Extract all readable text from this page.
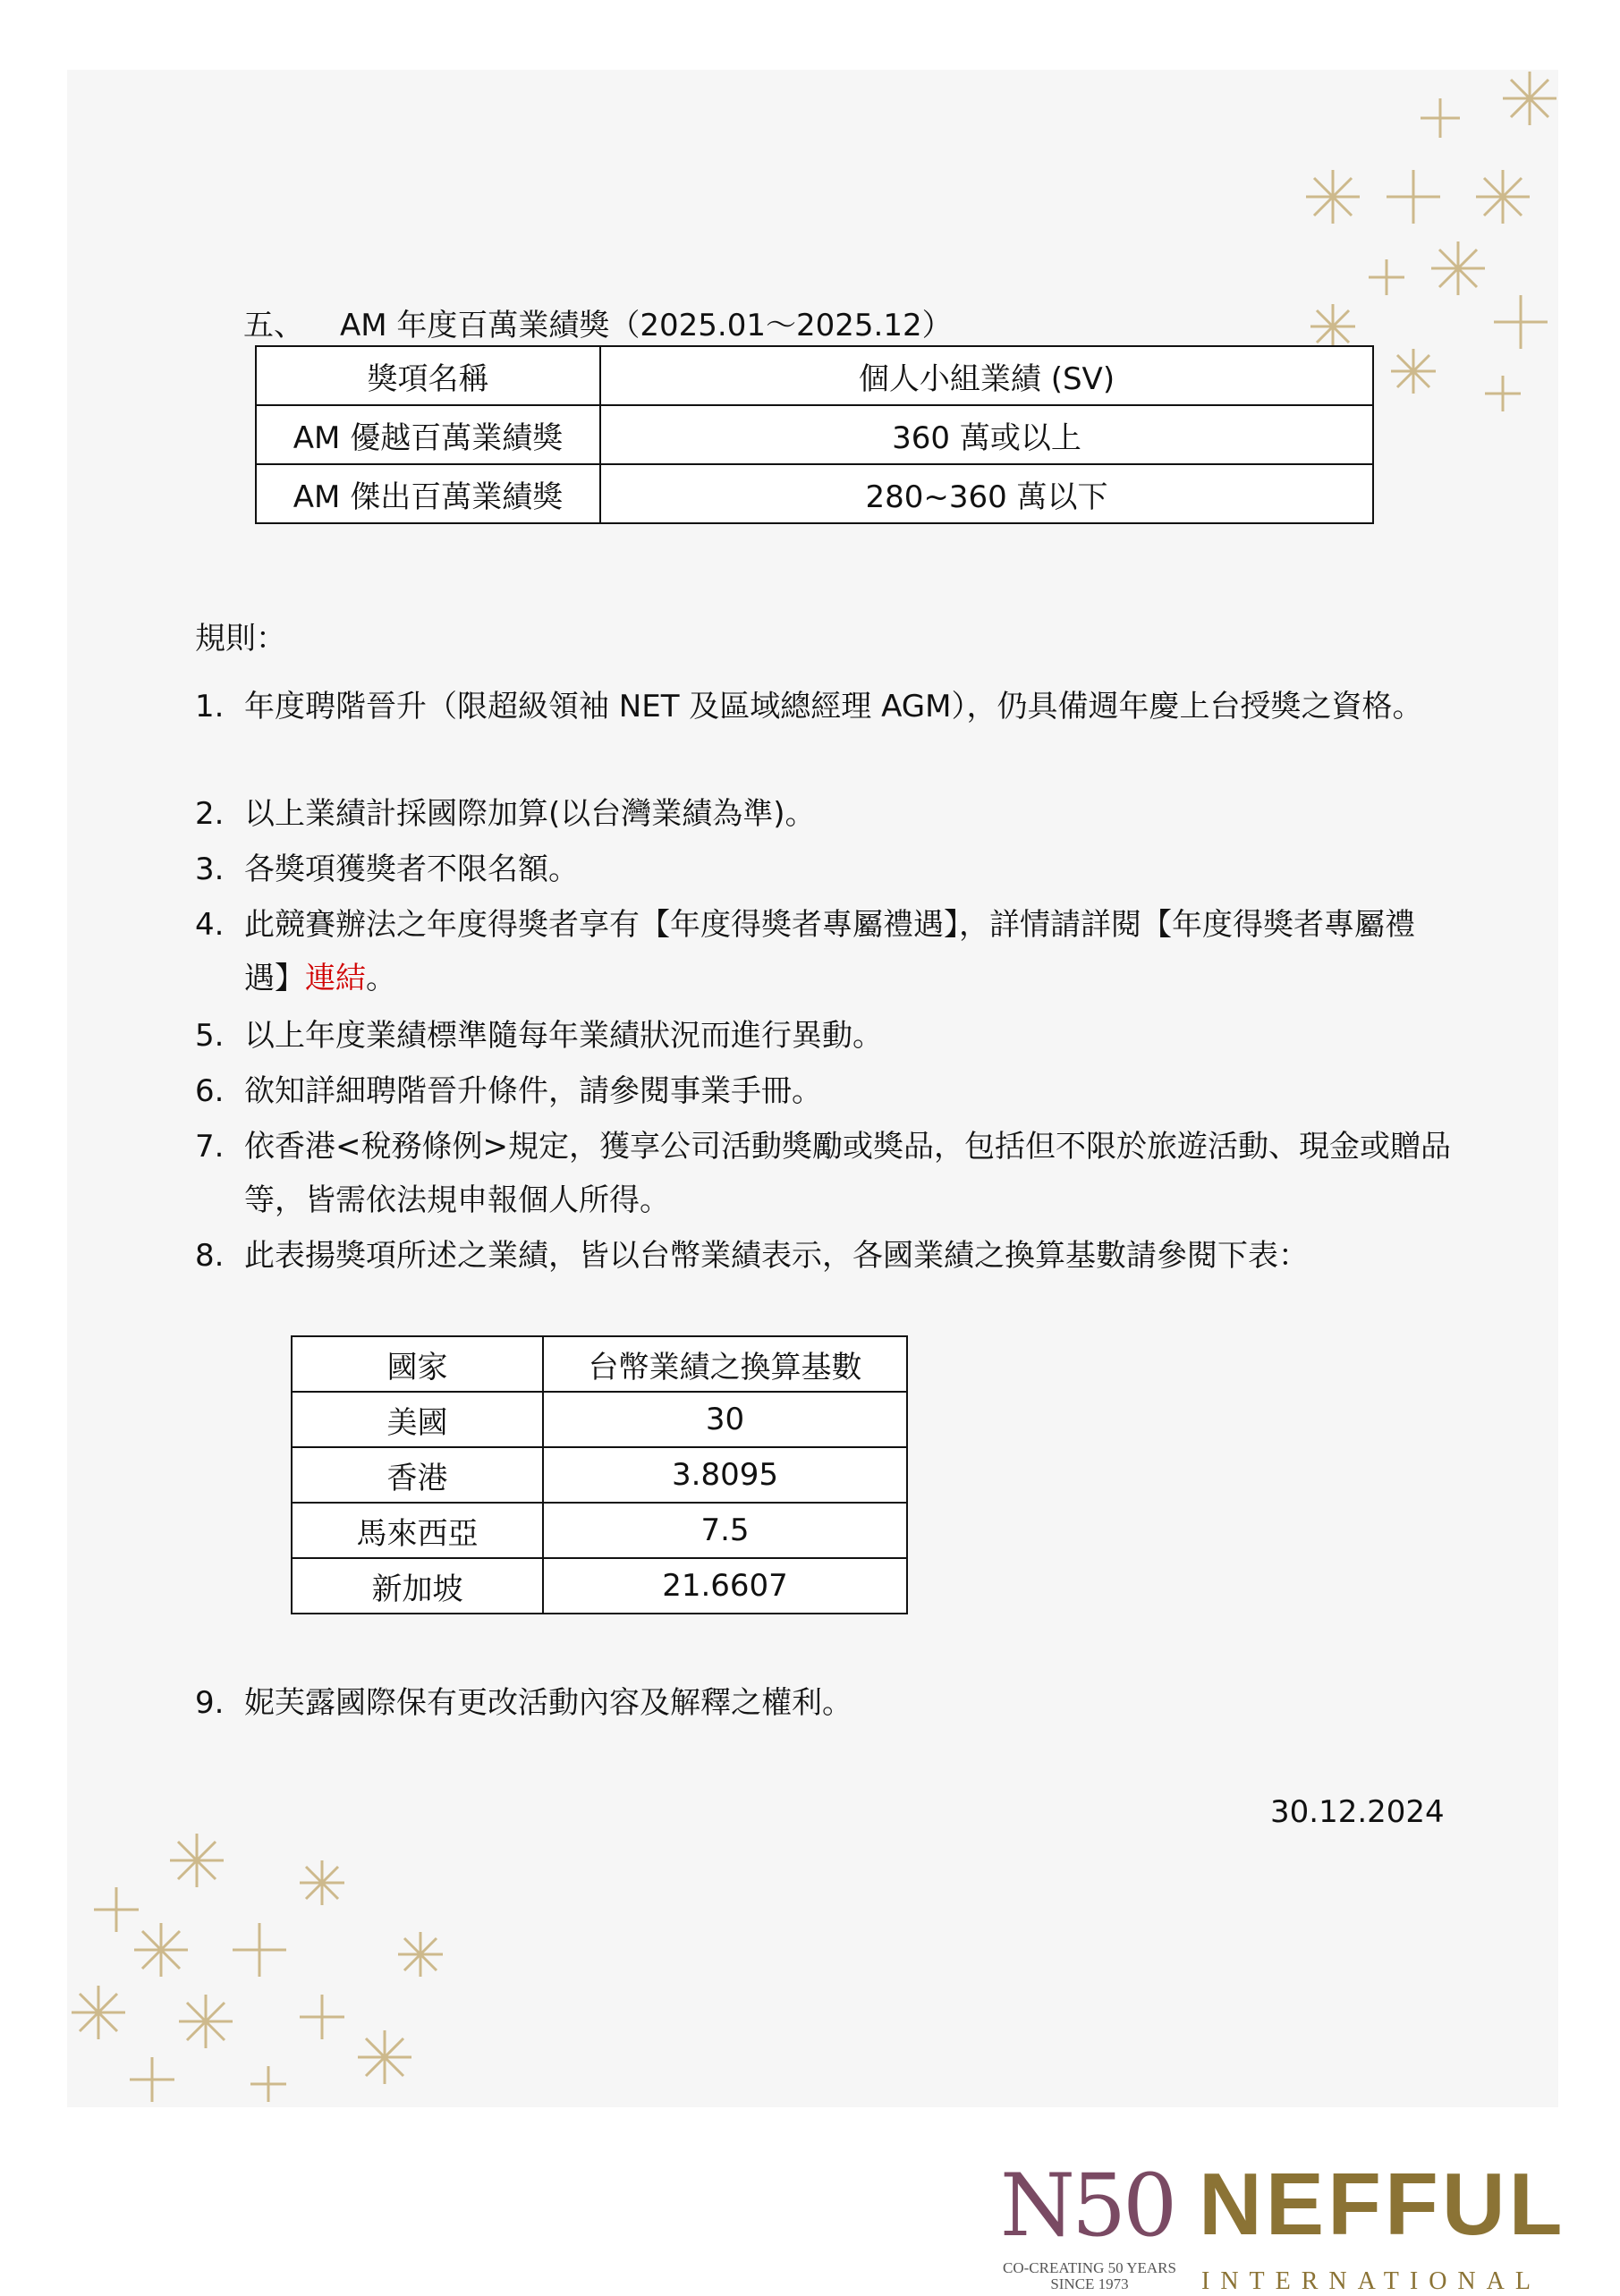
五、 AM 年度百萬業績獎（2025.01～2025.12）
獎項名稱	個人小組業績 (SV)
AM 優越百萬業績獎	360 萬或以上
AM 傑出百萬業績獎	280~360 萬以下
規則：
1. 年度聘階晉升（限超級領袖 NET 及區域總經理 AGM），仍具備週年慶上台授獎之資格。
2. 以上業績計採國際加算(以台灣業績為準)。
3. 各獎項獲獎者不限名額。
4. 此競賽辦法之年度得獎者享有【年度得獎者專屬禮遇】，詳情請詳閱【年度得獎者專屬禮遇】連結。
5. 以上年度業績標準隨每年業績狀況而進行異動。
6. 欲知詳細聘階晉升條件，請參閱事業手冊。
7. 依香港<稅務條例>規定，獲享公司活動獎勵或獎品，包括但不限於旅遊活動、現金或贈品等，皆需依法規申報個人所得。
8. 此表揚獎項所述之業績，皆以台幣業績表示，各國業績之換算基數請參閱下表：
國家	台幣業績之換算基數
美國	30
香港	3.8095
馬來西亞	7.5
新加坡	21.6607
9. 妮芙露國際保有更改活動內容及解釋之權利。
30.12.2024
N50
CO-CREATING 50 YEARS
SINCE 1973
NEFFUL
INTERNATIONAL
